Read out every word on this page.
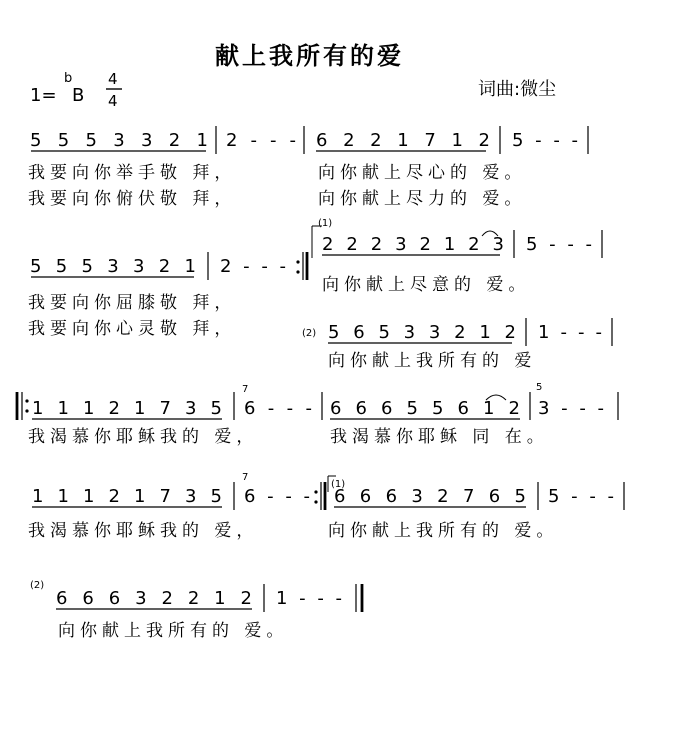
献上我所有的爱
1=
b
B
4
4
词曲:微尘
5 5 5 3 3 2 1 2 - - - 6 2 2 1 7 1 2 5 - - -
我要向你举手敬 拜，	向你献上尽心的 爱。
我要向你俯伏敬 拜，	向你献上尽力的 爱。
5 5 5 3 3 2 1 2 - - -
(1)
2 2 2 3 2 1 2 3 5 - - -
向你献上尽意的 爱。
我要向你屈膝敬 拜，
我要向你心灵敬 拜，	(2) 5 6 5 3 3 2 1 2 1 - - -
向你献上我所有的 爱
1 1 1 2 1 7 3 5
7
6 - - - 6 6 6 5 5 6 1 2
5
3 - - -
我渴慕你耶稣我的 爱，	我渴慕你耶稣 同 在。
1 1 1 2 1 7 3 5
7
6 - - -
(1)
6 6 6 3 2 7 6 5 5 - - -
我渴慕你耶稣我的 爱，	向你献上我所有的 爱。
(2)
6 6 6 3 2 2 1 2 1 - - -
向你献上我所有的 爱。
